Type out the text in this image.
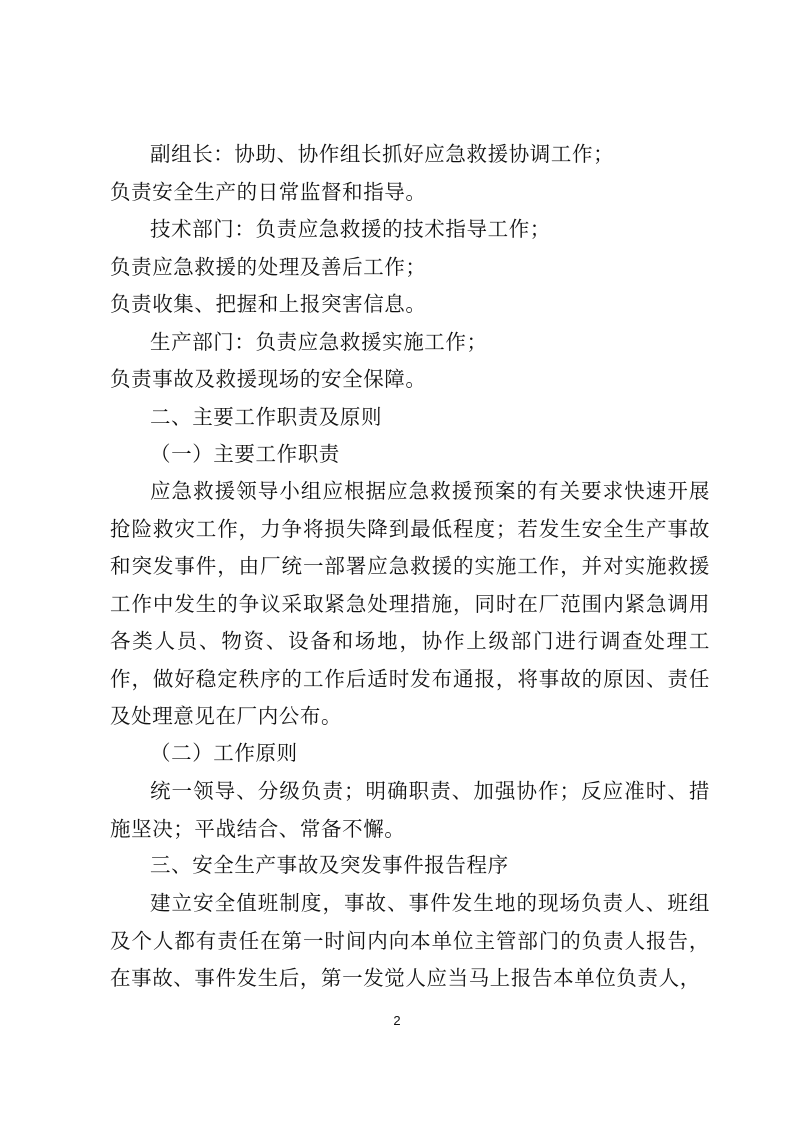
副组长：协助、协作组长抓好应急救援协调工作；
负责安全生产的日常监督和指导。
技术部门：负责应急救援的技术指导工作；
负责应急救援的处理及善后工作；
负责收集、把握和上报突害信息。
生产部门：负责应急救援实施工作；
负责事故及救援现场的安全保障。
二、主要工作职责及原则
（一）主要工作职责
应急救援领导小组应根据应急救援预案的有关要求快速开展抢险救灾工作，力争将损失降到最低程度；若发生安全生产事故和突发事件，由厂统一部署应急救援的实施工作，并对实施救援工作中发生的争议采取紧急处理措施，同时在厂范围内紧急调用各类人员、物资、设备和场地，协作上级部门进行调查处理工作，做好稳定秩序的工作后适时发布通报，将事故的原因、责任及处理意见在厂内公布。
（二）工作原则
统一领导、分级负责；明确职责、加强协作；反应准时、措施坚决；平战结合、常备不懈。
三、安全生产事故及突发事件报告程序
建立安全值班制度，事故、事件发生地的现场负责人、班组及个人都有责任在第一时间内向本单位主管部门的负责人报告，在事故、事件发生后，第一发觉人应当马上报告本单位负责人，
2
